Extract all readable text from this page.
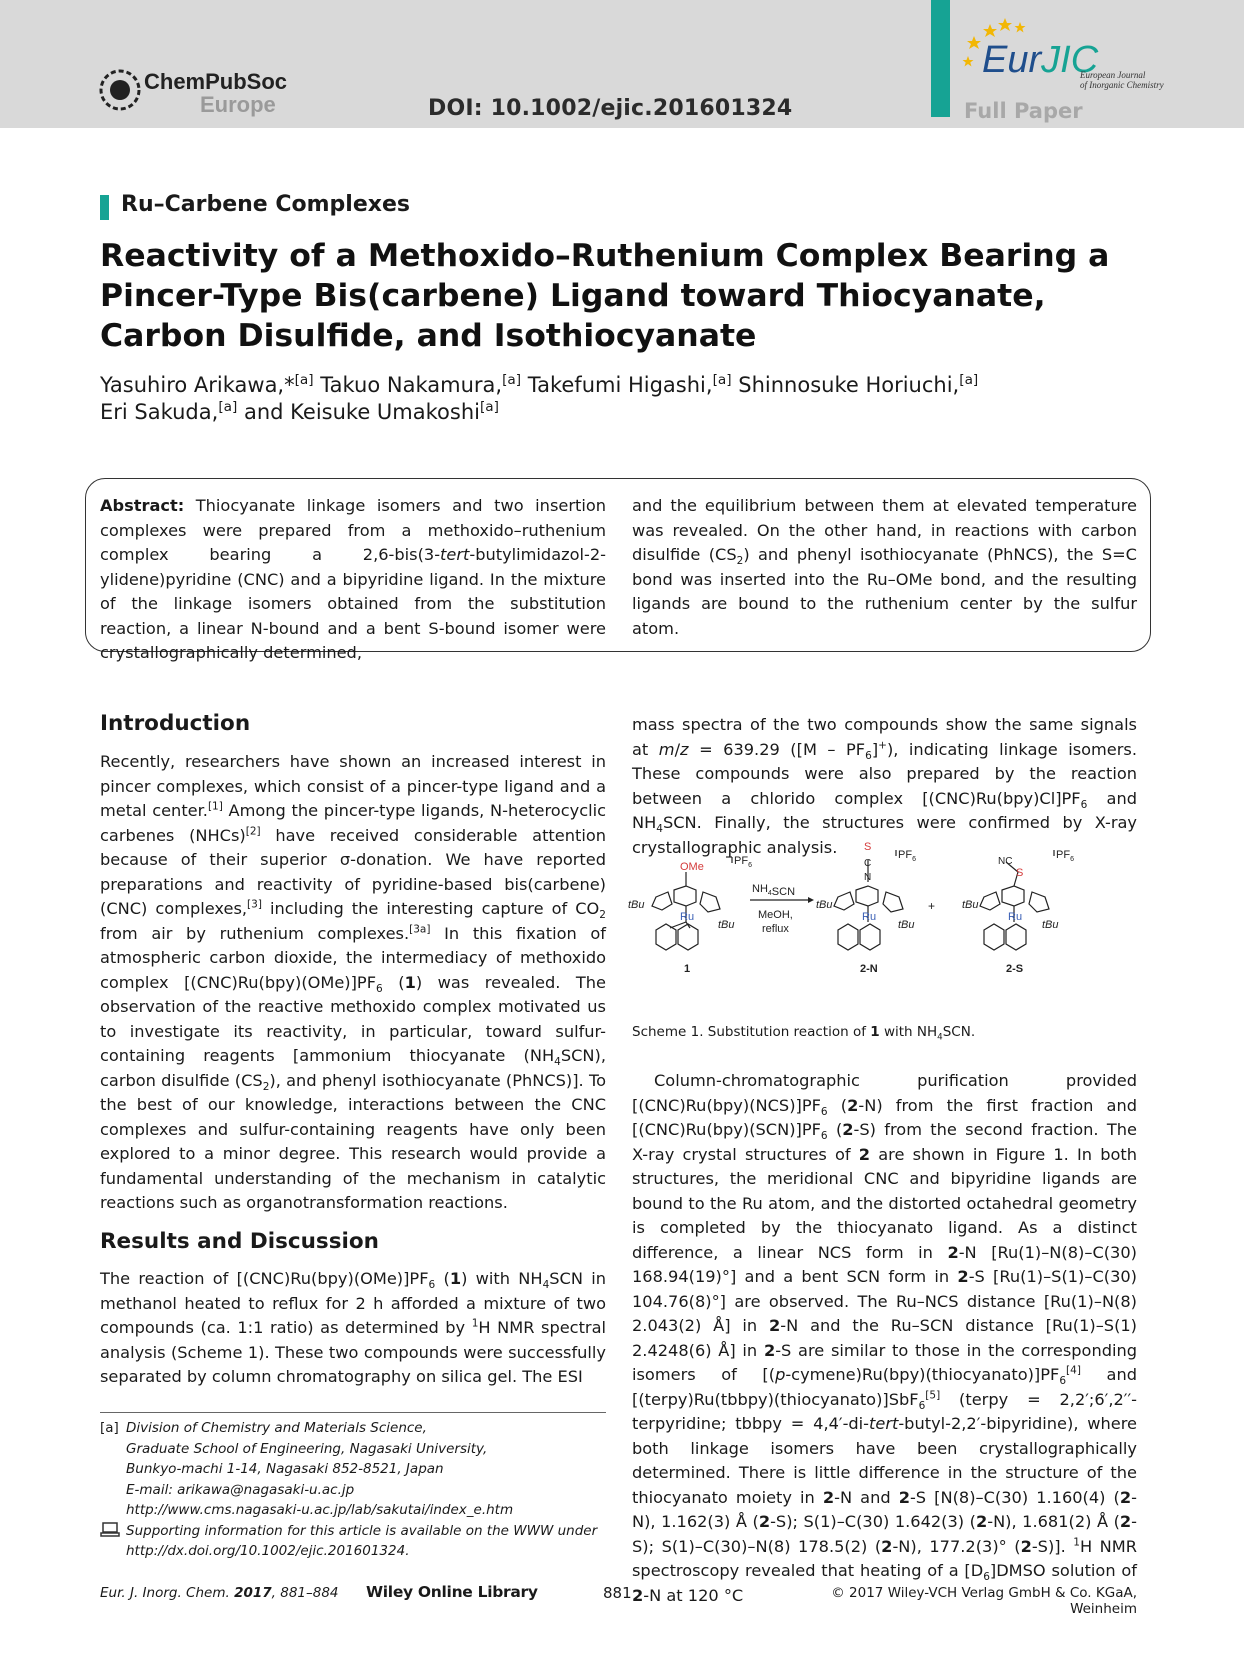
ChemPubSoc
Europe	DOI: 10.1002/ejic.201601324
EurJIC
European Journal
of Inorganic Chemistry
Full Paper
Ru–Carbene Complexes
Reactivity of a Methoxido–Ruthenium Complex Bearing a Pincer-Type Bis(carbene) Ligand toward Thiocyanate, Carbon Disulfide, and Isothiocyanate
Yasuhiro Arikawa,*[a] Takuo Nakamura,[a] Takefumi Higashi,[a] Shinnosuke Horiuchi,[a]
Eri Sakuda,[a] and Keisuke Umakoshi[a]
Abstract: Thiocyanate linkage isomers and two insertion complexes were prepared from a methoxido–ruthenium complex bearing a 2,6-bis(3-tert-butylimidazol-2-ylidene)pyridine (CNC) and a bipyridine ligand. In the mixture of the linkage isomers obtained from the substitution reaction, a linear N-bound and a bent S-bound isomer were crystallographically determined,
and the equilibrium between them at elevated temperature was revealed. On the other hand, in reactions with carbon disulfide $(CS_2)$ and phenyl isothiocyanate (PhNCS), the S=C bond was inserted into the Ru–OMe bond, and the resulting ligands are bound to the ruthenium center by the sulfur atom.
Introduction
Recently, researchers have shown an increased interest in pincer complexes, which consist of a pincer-type ligand and a metal center.[1] Among the pincer-type ligands, N-heterocyclic carbenes (NHCs)[2] have received considerable attention because of their superior σ-donation. We have reported preparations and reactivity of pyridine-based bis(carbene) (CNC) complexes,[3] including the interesting capture of $CO_2$ from air by ruthenium complexes.[3a] In this fixation of atmospheric carbon dioxide, the intermediacy of methoxido complex $[(CNC)Ru(bpy)(OMe)]PF_6$ (1) was revealed. The observation of the reactive methoxido complex motivated us to investigate its reactivity, in particular, toward sulfur-containing reagents [ammonium thiocyanate $(NH_4SCN)$, carbon disulfide $(CS_2)$, and phenyl isothiocyanate (PhNCS)]. To the best of our knowledge, interactions between the CNC complexes and sulfur-containing reagents have only been explored to a minor degree. This research would provide a fundamental understanding of the mechanism in catalytic reactions such as organotransformation reactions.
Results and Discussion
The reaction of $[(CNC)Ru(bpy)(OMe)]PF_6$ (1) with $NH_4SCN$ in methanol heated to reflux for 2 h afforded a mixture of two compounds (ca. 1:1 ratio) as determined by $^1$H NMR spectral analysis (Scheme 1). These two compounds were successfully separated by column chromatography on silica gel. The ESI
[a] Division of Chemistry and Materials Science,
Graduate School of Engineering, Nagasaki University,
Bunkyo-machi 1-14, Nagasaki 852-8521, Japan
E-mail: arikawa@nagasaki-u.ac.jp
http://www.cms.nagasaki-u.ac.jp/lab/sakutai/index_e.htm
Supporting information for this article is available on the WWW under
http://dx.doi.org/10.1002/ejic.201601324.
mass spectra of the two compounds show the same signals at m/z = 639.29 $([M - PF_6]^+)$, indicating linkage isomers. These compounds were also prepared by the reaction between a chlorido complex $[(CNC)Ru(bpy)Cl]PF_6$ and $NH_4SCN$. Finally, the structures were confirmed by X-ray crystallographic analysis.
Ru
OMe	$PF_6$
tBu
tBu
1
$NH_4SCN$
MeOH,
reflux
S
C
N
Ru
$PF_6$
tBu
tBu
2-N
+
NC
S
Ru
$PF_6$
tBu
tBu
2-S
Scheme 1. Substitution reaction of 1 with $NH_4SCN$.
Column-chromatographic purification provided $[(CNC)Ru(bpy)(NCS)]PF_6$ (2-N) from the first fraction and $[(CNC)Ru(bpy)(SCN)]PF_6$ (2-S) from the second fraction. The X-ray crystal structures of 2 are shown in Figure 1. In both structures, the meridional CNC and bipyridine ligands are bound to the Ru atom, and the distorted octahedral geometry is completed by the thiocyanato ligand. As a distinct difference, a linear NCS form in 2-N [Ru(1)–N(8)–C(30) 168.94(19)°] and a bent SCN form in 2-S [Ru(1)–S(1)–C(30) 104.76(8)°] are observed. The Ru–NCS distance [Ru(1)–N(8) 2.043(2) Å] in 2-N and the Ru–SCN distance [Ru(1)–S(1) 2.4248(6) Å] in 2-S are similar to those in the corresponding isomers of $[(p-cymene)Ru(bpy)(thiocyanato)]PF_6[4]$ and [(terpy)Ru(tbbpy)(thiocyanato)]SbF$_6$[5] (terpy = 2,2′;6′,2′′-terpyridine; tbbpy = 4,4′-di-tert-butyl-2,2′-bipyridine), where both linkage isomers have been crystallographically determined. There is little difference in the structure of the thiocyanato moiety in 2-N and 2-S [N(8)–C(30) 1.160(4) (2-N), 1.162(3) Å (2-S); S(1)–C(30) 1.642(3) (2-N), 1.681(2) Å (2-S); S(1)–C(30)–N(8) 178.5(2) (2-N), 177.2(3)° (2-S)]. $^1$H NMR spectroscopy revealed that heating of a $[D_6]DMSO$ solution of 2-N at 120 °C
Eur. J. Inorg. Chem. 2017, 881–884 Wiley Online Library	881	© 2017 Wiley-VCH Verlag GmbH & Co. KGaA, Weinheim
